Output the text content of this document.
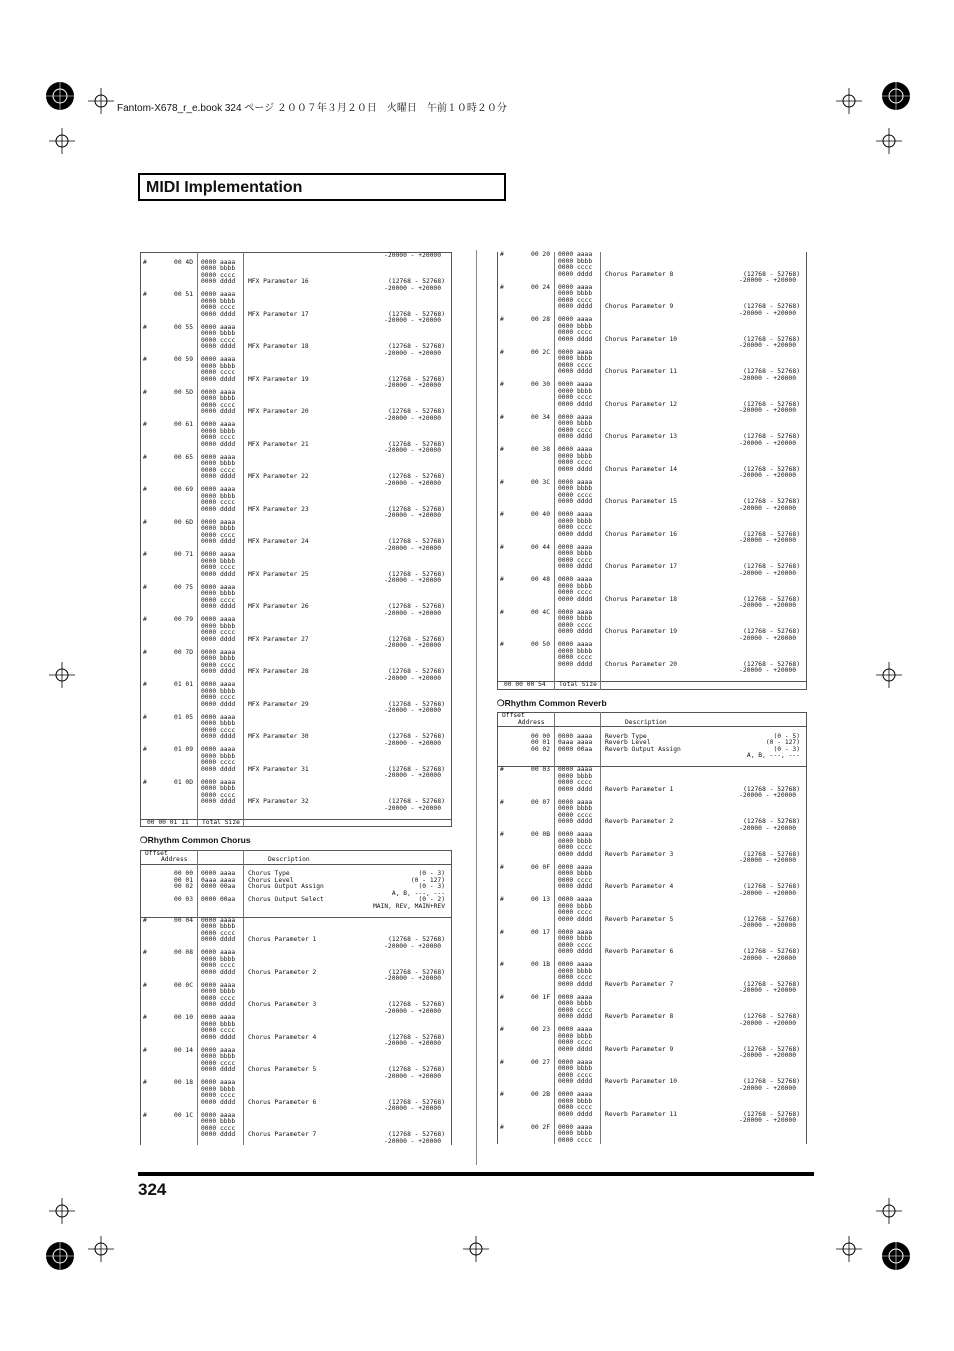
Fantom-X678_r_e.book 324 ページ ２００７年３月２０日　火曜日　午前１０時２０分
MIDI Implementation
-20000 - +20000
#	00 4D 0000 aaaa
0000 bbbb
0000 cccc
0000 dddd MFX Parameter 16	(12768 - 52768)
-20000 - +20000
#	00 51 0000 aaaa
0000 bbbb
0000 cccc
0000 dddd MFX Parameter 17	(12768 - 52768)
-20000 - +20000
#	00 55 0000 aaaa
0000 bbbb
0000 cccc
0000 dddd MFX Parameter 18	(12768 - 52768)
-20000 - +20000
#	00 59 0000 aaaa
0000 bbbb
0000 cccc
0000 dddd MFX Parameter 19	(12768 - 52768)
-20000 - +20000
#	00 5D 0000 aaaa
0000 bbbb
0000 cccc
0000 dddd MFX Parameter 20	(12768 - 52768)
-20000 - +20000
#	00 61 0000 aaaa
0000 bbbb
0000 cccc
0000 dddd MFX Parameter 21	(12768 - 52768)
-20000 - +20000
#	00 65 0000 aaaa
0000 bbbb
0000 cccc
0000 dddd MFX Parameter 22	(12768 - 52768)
-20000 - +20000
#	00 69 0000 aaaa
0000 bbbb
0000 cccc
0000 dddd MFX Parameter 23	(12768 - 52768)
-20000 - +20000
#	00 6D 0000 aaaa
0000 bbbb
0000 cccc
0000 dddd MFX Parameter 24	(12768 - 52768)
-20000 - +20000
#	00 71 0000 aaaa
0000 bbbb
0000 cccc
0000 dddd MFX Parameter 25	(12768 - 52768)
-20000 - +20000
#	00 75 0000 aaaa
0000 bbbb
0000 cccc
0000 dddd MFX Parameter 26	(12768 - 52768)
-20000 - +20000
#	00 79 0000 aaaa
0000 bbbb
0000 cccc
0000 dddd MFX Parameter 27	(12768 - 52768)
-20000 - +20000
#	00 7D 0000 aaaa
0000 bbbb
0000 cccc
0000 dddd MFX Parameter 28	(12768 - 52768)
-20000 - +20000
#	01 01 0000 aaaa
0000 bbbb
0000 cccc
0000 dddd MFX Parameter 29	(12768 - 52768)
-20000 - +20000
#	01 05 0000 aaaa
0000 bbbb
0000 cccc
0000 dddd MFX Parameter 30	(12768 - 52768)
-20000 - +20000
#	01 09 0000 aaaa
0000 bbbb
0000 cccc
0000 dddd MFX Parameter 31	(12768 - 52768)
-20000 - +20000
#	01 0D 0000 aaaa
0000 bbbb
0000 cccc
0000 dddd MFX Parameter 32	(12768 - 52768)
-20000 - +20000
00 00 01 11 Total Size
❍Rhythm Common Chorus
Offset
Address	Description
00 00 0000 aaaa Chorus Type	(0 - 3)
00 01 0aaa aaaa Chorus Level	(0 - 127)
00 02 0000 00aa Chorus Output Assign	(0 - 3)
A, B, ---, ---
00 03 0000 00aa Chorus Output Select	(0 - 2)
MAIN, REV, MAIN+REV
#	00 04 0000 aaaa
0000 bbbb
0000 cccc
0000 dddd Chorus Parameter 1	(12768 - 52768)
-20000 - +20000
#	00 08 0000 aaaa
0000 bbbb
0000 cccc
0000 dddd Chorus Parameter 2	(12768 - 52768)
-20000 - +20000
#	00 0C 0000 aaaa
0000 bbbb
0000 cccc
0000 dddd Chorus Parameter 3	(12768 - 52768)
-20000 - +20000
#	00 10 0000 aaaa
0000 bbbb
0000 cccc
0000 dddd Chorus Parameter 4	(12768 - 52768)
-20000 - +20000
#	00 14 0000 aaaa
0000 bbbb
0000 cccc
0000 dddd Chorus Parameter 5	(12768 - 52768)
-20000 - +20000
#	00 18 0000 aaaa
0000 bbbb
0000 cccc
0000 dddd Chorus Parameter 6	(12768 - 52768)
-20000 - +20000
#	00 1C 0000 aaaa
0000 bbbb
0000 cccc
0000 dddd Chorus Parameter 7	(12768 - 52768)
-20000 - +20000
#	00 20 0000 aaaa
0000 bbbb
0000 cccc
0000 dddd Chorus Parameter 8	(12768 - 52768)
-20000 - +20000
#	00 24 0000 aaaa
0000 bbbb
0000 cccc
0000 dddd Chorus Parameter 9	(12768 - 52768)
-20000 - +20000
#	00 28 0000 aaaa
0000 bbbb
0000 cccc
0000 dddd Chorus Parameter 10	(12768 - 52768)
-20000 - +20000
#	00 2C 0000 aaaa
0000 bbbb
0000 cccc
0000 dddd Chorus Parameter 11	(12768 - 52768)
-20000 - +20000
#	00 30 0000 aaaa
0000 bbbb
0000 cccc
0000 dddd Chorus Parameter 12	(12768 - 52768)
-20000 - +20000
#	00 34 0000 aaaa
0000 bbbb
0000 cccc
0000 dddd Chorus Parameter 13	(12768 - 52768)
-20000 - +20000
#	00 38 0000 aaaa
0000 bbbb
0000 cccc
0000 dddd Chorus Parameter 14	(12768 - 52768)
-20000 - +20000
#	00 3C 0000 aaaa
0000 bbbb
0000 cccc
0000 dddd Chorus Parameter 15	(12768 - 52768)
-20000 - +20000
#	00 40 0000 aaaa
0000 bbbb
0000 cccc
0000 dddd Chorus Parameter 16	(12768 - 52768)
-20000 - +20000
#	00 44 0000 aaaa
0000 bbbb
0000 cccc
0000 dddd Chorus Parameter 17	(12768 - 52768)
-20000 - +20000
#	00 48 0000 aaaa
0000 bbbb
0000 cccc
0000 dddd Chorus Parameter 18	(12768 - 52768)
-20000 - +20000
#	00 4C 0000 aaaa
0000 bbbb
0000 cccc
0000 dddd Chorus Parameter 19	(12768 - 52768)
-20000 - +20000
#	00 50 0000 aaaa
0000 bbbb
0000 cccc
0000 dddd Chorus Parameter 20	(12768 - 52768)
-20000 - +20000
00 00 00 54 Total Size
❍Rhythm Common Reverb
Offset
Address	Description
00 00 0000 aaaa Reverb Type	(0 - 5)
00 01 0aaa aaaa Reverb Level	(0 - 127)
00 02 0000 00aa Reverb Output Assign	(0 - 3)
A, B, ---, ---
#	00 03 0000 aaaa
0000 bbbb
0000 cccc
0000 dddd Reverb Parameter 1	(12768 - 52768)
-20000 - +20000
#	00 07 0000 aaaa
0000 bbbb
0000 cccc
0000 dddd Reverb Parameter 2	(12768 - 52768)
-20000 - +20000
#	00 0B 0000 aaaa
0000 bbbb
0000 cccc
0000 dddd Reverb Parameter 3	(12768 - 52768)
-20000 - +20000
#	00 0F 0000 aaaa
0000 bbbb
0000 cccc
0000 dddd Reverb Parameter 4	(12768 - 52768)
-20000 - +20000
#	00 13 0000 aaaa
0000 bbbb
0000 cccc
0000 dddd Reverb Parameter 5	(12768 - 52768)
-20000 - +20000
#	00 17 0000 aaaa
0000 bbbb
0000 cccc
0000 dddd Reverb Parameter 6	(12768 - 52768)
-20000 - +20000
#	00 1B 0000 aaaa
0000 bbbb
0000 cccc
0000 dddd Reverb Parameter 7	(12768 - 52768)
-20000 - +20000
#	00 1F 0000 aaaa
0000 bbbb
0000 cccc
0000 dddd Reverb Parameter 8	(12768 - 52768)
-20000 - +20000
#	00 23 0000 aaaa
0000 bbbb
0000 cccc
0000 dddd Reverb Parameter 9	(12768 - 52768)
-20000 - +20000
#	00 27 0000 aaaa
0000 bbbb
0000 cccc
0000 dddd Reverb Parameter 10	(12768 - 52768)
-20000 - +20000
#	00 2B 0000 aaaa
0000 bbbb
0000 cccc
0000 dddd Reverb Parameter 11	(12768 - 52768)
-20000 - +20000
#	00 2F 0000 aaaa
0000 bbbb
0000 cccc
324
